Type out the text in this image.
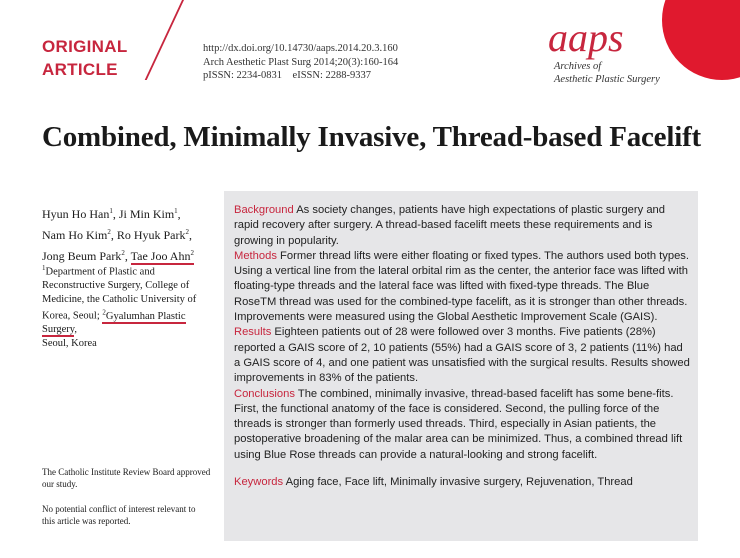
ORIGINAL
ARTICLE
http://dx.doi.org/10.14730/aaps.2014.20.3.160
Arch Aesthetic Plast Surg 2014;20(3):160-164
pISSN: 2234-0831    eISSN: 2288-9337
aaps
Archives of
Aesthetic Plastic Surgery
Combined, Minimally Invasive, Thread-based Facelift
Hyun Ho Han$^1$, Ji Min Kim$^1$,
Nam Ho Kim$^2$, Ro Hyuk Park$^2$,
Jong Beum Park$^2$, Tae Joo Ahn$^2$
$^1$Department of Plastic and
Reconstructive Surgery, College of
Medicine, the Catholic University of
Korea, Seoul; $^2$Gyalumhan Plastic Surgery,
Seoul, Korea
The Catholic Institute Review Board approved
our study.
No potential conflict of interest relevant to
this article was reported.

Background As society changes, patients have high expectations of plastic surgery and rapid recovery after surgery. A thread-based facelift meets these requirements and is growing in popularity.

Methods Former thread lifts were either floating or fixed types. The authors used both types. Using a vertical line from the lateral orbital rim as the center, the anterior face was lifted with floating-type threads and the lateral face was lifted with fixed-type threads. The Blue RoseTM thread was used for the combined-type facelift, as it is stronger than other threads. Improvements were measured using the Global Aesthetic Improvement Scale (GAIS).

Results Eighteen patients out of 28 were followed over 3 months. Five patients (28%) reported a GAIS score of 2, 10 patients (55%) had a GAIS score of 3, 2 patients (11%) had a GAIS score of 4, and one patient was unsatisfied with the surgical results. Results showed improvements in 83% of the patients.

Conclusions The combined, minimally invasive, thread-based facelift has some bene-fits. First, the functional anatomy of the face is considered. Second, the pulling force of the threads is stronger than formerly used threads. Third, especially in Asian patients, the postoperative broadening of the malar area can be minimized. Thus, a combined thread lift using Blue Rose threads can provide a natural-looking and strong facelift.

Keywords Aging face, Face lift, Minimally invasive surgery, Rejuvenation, Thread
